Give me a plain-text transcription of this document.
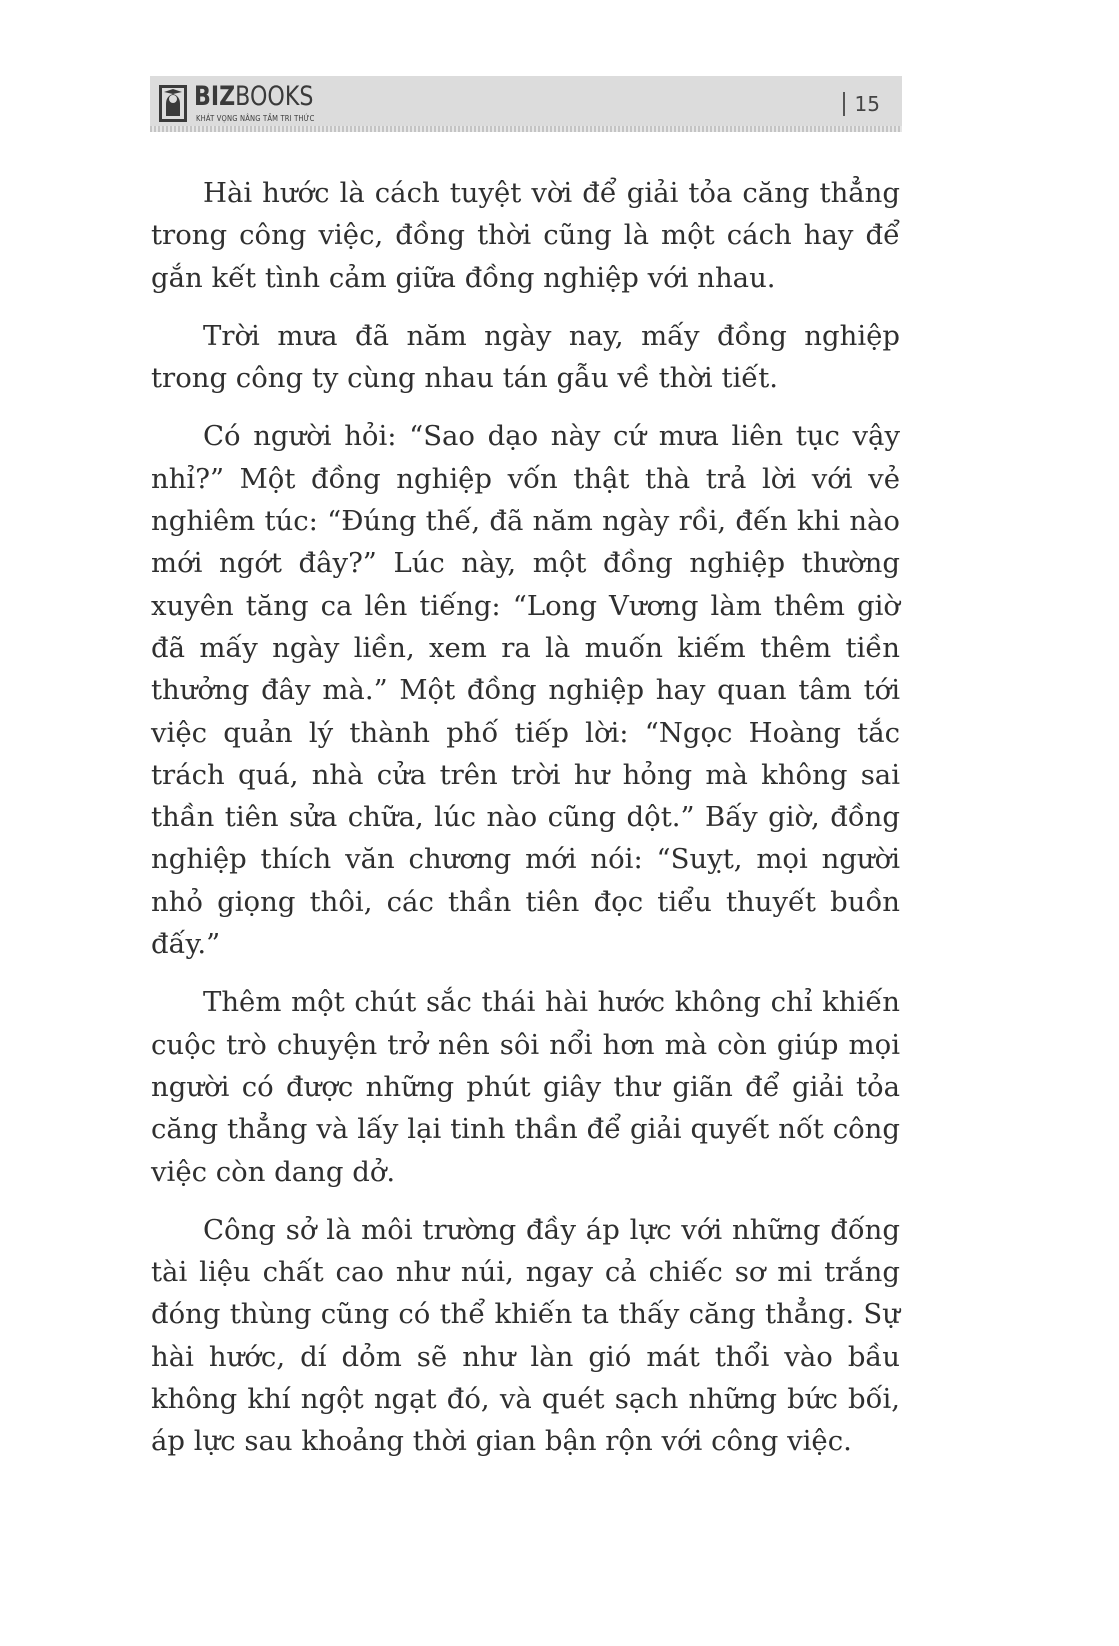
BIZBOOKS
KHÁT VỌNG NÂNG TẦM TRI THỨC
15

Hài hước là cách tuyệt vời để giải tỏa căng thẳng trong công việc, đồng thời cũng là một cách hay để gắn kết tình cảm giữa đồng nghiệp với nhau.

Trời mưa đã năm ngày nay, mấy đồng nghiệp trong công ty cùng nhau tán gẫu về thời tiết.

Có người hỏi: “Sao dạo này cứ mưa liên tục vậy nhỉ?” Một đồng nghiệp vốn thật thà trả lời với vẻ nghiêm túc: “Đúng thế, đã năm ngày rồi, đến khi nào mới ngớt đây?” Lúc này, một đồng nghiệp thường xuyên tăng ca lên tiếng: “Long Vương làm thêm giờ đã mấy ngày liền, xem ra là muốn kiếm thêm tiền thưởng đây mà.” Một đồng nghiệp hay quan tâm tới việc quản lý thành phố tiếp lời: “Ngọc Hoàng tắc trách quá, nhà cửa trên trời hư hỏng mà không sai thần tiên sửa chữa, lúc nào cũng dột.” Bấy giờ, đồng nghiệp thích văn chương mới nói: “Suỵt, mọi người nhỏ giọng thôi, các thần tiên đọc tiểu thuyết buồn đấy.”

Thêm một chút sắc thái hài hước không chỉ khiến cuộc trò chuyện trở nên sôi nổi hơn mà còn giúp mọi người có được những phút giây thư giãn để giải tỏa căng thẳng và lấy lại tinh thần để giải quyết nốt công việc còn dang dở.

Công sở là môi trường đầy áp lực với những đống tài liệu chất cao như núi, ngay cả chiếc sơ mi trắng đóng thùng cũng có thể khiến ta thấy căng thẳng. Sự hài hước, dí dỏm sẽ như làn gió mát thổi vào bầu không khí ngột ngạt đó, và quét sạch những bức bối, áp lực sau khoảng thời gian bận rộn với công việc.
